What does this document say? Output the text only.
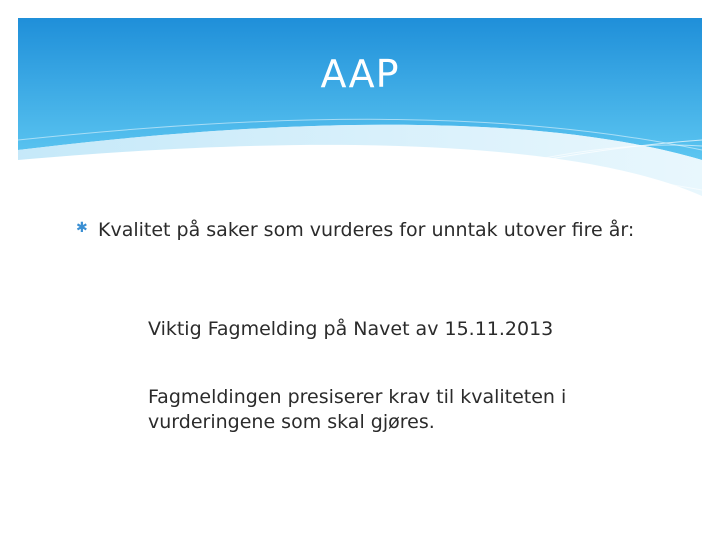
AAP
✱ Kvalitet på saker som vurderes for unntak utover fire år:
Viktig Fagmelding på Navet av 15.11.2013
Fagmeldingen presiserer krav til kvaliteten i vurderingene som skal gjøres.
